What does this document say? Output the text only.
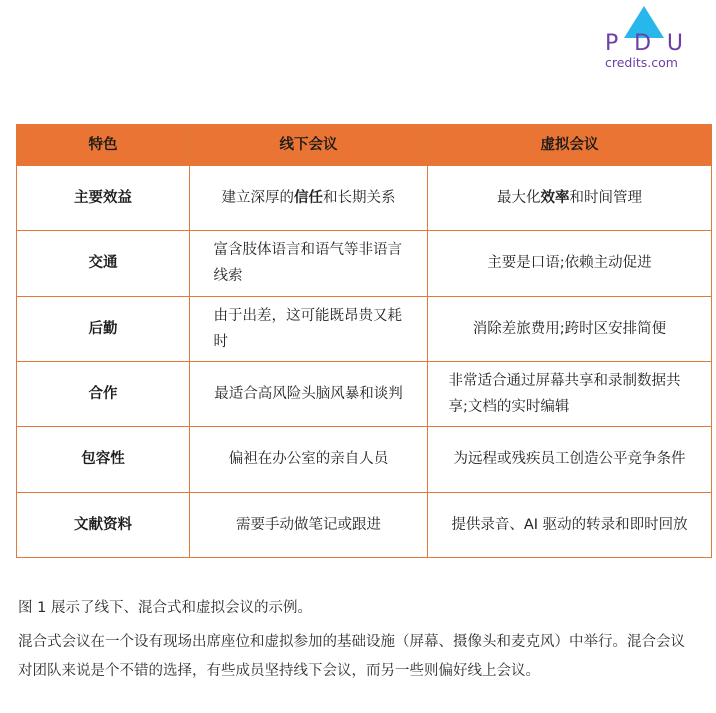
P D U
credits.com
特色	线下会议	虚拟会议
主要效益	建立深厚的信任和长期关系	最大化效率和时间管理
交通	富含肢体语言和语气等非语言线索	主要是口语;依赖主动促进
后勤	由于出差，这可能既昂贵又耗时	消除差旅费用;跨时区安排简便
合作	最适合高风险头脑风暴和谈判	非常适合通过屏幕共享和录制数据共享;文档的实时编辑
包容性	偏袒在办公室的亲自人员	为远程或残疾员工创造公平竞争条件
文献资料	需要手动做笔记或跟进	提供录音、AI 驱动的转录和即时回放

图 1 展示了线下、混合式和虚拟会议的示例。

混合式会议在一个设有现场出席座位和虚拟参加的基础设施（屏幕、摄像头和麦克风）中举行。混合会议对团队来说是个不错的选择，有些成员坚持线下会议，而另一些则偏好线上会议。
